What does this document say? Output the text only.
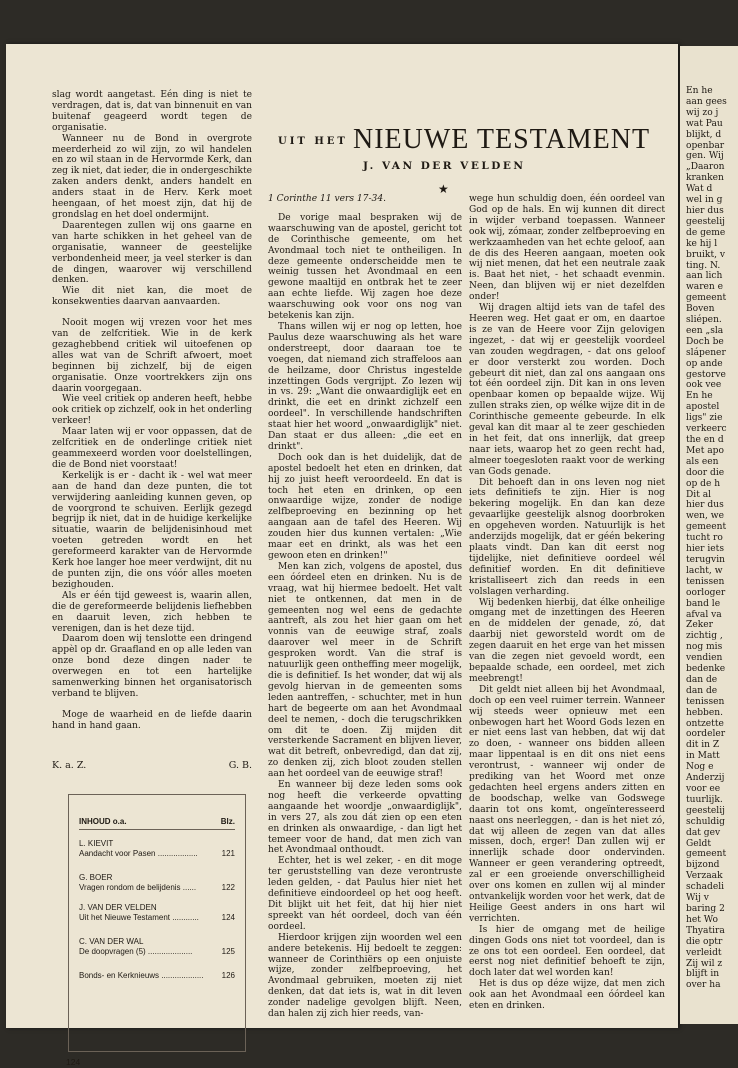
slag wordt aangetast. Eén ding is niet te verdragen, dat is, dat van binnenuit en van buitenaf geageerd wordt tegen de organisatie.

Wanneer nu de Bond in overgrote meerderheid zo wil zijn, zo wil handelen en zo wil staan in de Hervormde Kerk, dan zeg ik niet, dat ieder, die in ondergeschikte zaken anders denkt, anders handelt en anders staat in de Herv. Kerk moet heengaan, of het moest zijn, dat hij de grondslag en het doel ondermijnt.

Daarentegen zullen wij ons gaarne en van harte schikken in het geheel van de organisatie, wanneer de geestelijke verbondenheid meer, ja veel sterker is dan de dingen, waarover wij verschillend denken.

Wie dit niet kan, die moet de konsekwenties daarvan aanvaarden.

Nooit mogen wij vrezen voor het mes van de zelfcritiek. Wie in de kerk gezaghebbend critiek wil uitoefenen op alles wat van de Schrift afwoert, moet beginnen bij zichzelf, bij de eigen organisatie. Onze voortrekkers zijn ons daarin voorgegaan.

Wie veel critiek op anderen heeft, hebbe ook critiek op zichzelf, ook in het onderling verkeer!

Maar laten wij er voor oppassen, dat de zelfcritiek en de onderlinge critiek niet geammexeerd worden voor doelstellingen, die de Bond niet voorstaat!

Kerkelijk is er - dacht ik - wel wat meer aan de hand dan deze punten, die tot verwijdering aanleiding kunnen geven, op de voorgrond te schuiven. Eerlijk gezegd begrijp ik niet, dat in de huidige kerkelijke situatie, waarin de belijdenisinhoud met voeten getreden wordt en het gereformeerd karakter van de Hervormde Kerk hoe langer hoe meer verdwijnt, dit nu de punten zijn, die ons vóór alles moeten bezighouden.

Als er één tijd geweest is, waarin allen, die de gereformeerde belijdenis liefhebben en daaruit leven, zich hebben te verenigen, dan is het deze tijd.

Daarom doen wij tenslotte een dringend appèl op dr. Graafland en op alle leden van onze bond deze dingen nader te overwegen en tot een hartelijke samenwerking binnen het organisatorisch verband te blijven.

Moge de waarheid en de liefde daarin hand in hand gaan.

K. a. Z.	G. B.
INHOUD o.a.	Blz.
L. KIEVIT
Aandacht voor Pasen ..................	121
G. BOER
Vragen rondom de belijdenis ......	122
J. VAN DER VELDEN
Uit het Nieuwe Testament ............	124
C. VAN DER WAL
De doopvragen (5) ....................	125
Bonds- en Kerknieuws ...................	126
124
UIT HET NIEUWE TESTAMENT
J. VAN DER VELDEN
★

1 Corinthe 11 vers 17-34.

De vorige maal bespraken wij de waarschuwing van de apostel, gericht tot de Corinthische gemeente, om het Avondmaal toch niet te ontheiligen. In deze gemeente onderscheidde men te weinig tussen het Avondmaal en een gewone maaltijd en ontbrak het te zeer aan echte liefde. Wij zagen hoe deze waarschuwing ook voor ons nog van betekenis kan zijn.

Thans willen wij er nog op letten, hoe Paulus deze waarschuwing als het ware onderstreept, door daaraan toe te voegen, dat niemand zich straffeloos aan de heilzame, door Christus ingestelde inzettingen Gods vergrijpt. Zo lezen wij in vs. 29: „Want die onwaardiglijk eet en drinkt, die eet en drinkt zichzelf een oordeel". In verschillende handschriften staat hier het woord „onwaardiglijk" niet. Dan staat er dus alleen: „die eet en drinkt".

Doch ook dan is het duidelijk, dat de apostel bedoelt het eten en drinken, dat hij zo juist heeft veroordeeld. En dat is toch het eten en drinken, op een onwaardige wijze, zonder de nodige zelfbeproeving en bezinning op het aangaan aan de tafel des Heeren. Wij zouden hier dus kunnen vertalen: „Wie maar eet en drinkt, als was het een gewoon eten en drinken!"

Men kan zich, volgens de apostel, dus een óórdeel eten en drinken. Nu is de vraag, wat hij hiermee bedoelt. Het valt niet te ontkennen, dat men in de gemeenten nog wel eens de gedachte aantreft, als zou het hier gaan om het vonnis van de eeuwige straf, zoals daarover wel meer in de Schrift gesproken wordt. Van die straf is natuurlijk geen ontheffing meer mogelijk, die is definitief. Is het wonder, dat wij als gevolg hiervan in de gemeenten soms leden aantreffen, - schuchter, met in hun hart de begeerte om aan het Avondmaal deel te nemen, - doch die terugschrikken om dit te doen. Zij mijden dit versterkende Sacrament en blijven liever, wat dit betreft, onbevredigd, dan dat zij, zo denken zij, zich bloot zouden stellen aan het oordeel van de eeuwige straf!

En wanneer bij deze leden soms ook nog heeft die verkeerde opvatting aangaande het woordje „onwaardiglijk", in vers 27, als zou dát zien op een eten en drinken als onwaardige, - dan ligt het temeer voor de hand, dat men zich van het Avondmaal onthoudt.

Echter, het is wel zeker, - en dit moge ter geruststelling van deze verontruste leden gelden, - dat Paulus hier niet het definitieve eindoordeel op het oog heeft. Dit blijkt uit het feit, dat hij hier niet spreekt van hét oordeel, doch van één oordeel.

Hierdoor krijgen zijn woorden wel een andere betekenis. Hij bedoelt te zeggen: wanneer de Corinthiërs op een onjuiste wijze, zonder zelfbeproeving, het Avondmaal gebruiken, moeten zij niet denken, dat dat iets is, wat in dit leven zonder nadelige gevolgen blijft. Neen, dan halen zij zich hier reeds, van-

wege hun schuldig doen, één oordeel van God op de hals. En wij kunnen dit direct in wijder verband toepassen. Wanneer ook wij, zómaar, zonder zelfbeproeving en werkzaamheden van het echte geloof, aan de dis des Heeren aangaan, moeten ook wij niet menen, dat het een neutrale zaak is. Baat het niet, - het schaadt evenmin. Neen, dan blijven wij er niet dezelfden onder!

Wij dragen altijd iets van de tafel des Heeren weg. Het gaat er om, en daartoe is ze van de Heere voor Zijn gelovigen ingezet, - dat wij er geestelijk voordeel van zouden wegdragen, - dat ons geloof er door versterkt zou worden. Doch gebeurt dit niet, dan zal ons aangaan ons tot één oordeel zijn. Dit kan in ons leven openbaar komen op bepaalde wijze. Wij zullen straks zien, op wélke wijze dit in de Corinthische gemeente gebeurde. In elk geval kan dit maar al te zeer geschieden in het feit, dat ons innerlijk, dat greep naar iets, waarop het zo geen recht had, almeer toegesloten raakt voor de werking van Gods genade.

Dit behoeft dan in ons leven nog niet iets definitiefs te zijn. Hier is nog bekering mogelijk. En dan kan deze gevaarlijke geestelijk alsnog doorbroken en opgeheven worden. Natuurlijk is het anderzijds mogelijk, dat er géén bekering plaats vindt. Dan kan dit eerst nog tijdelijke, niet definitieve oordeel wél definitief worden. En dit definitieve kristalliseert zich dan reeds in een volslagen verharding.

Wij bedenken hierbij, dat élke onheilige omgang met de inzettingen des Heeren en de middelen der genade, zó, dat daarbij niet geworsteld wordt om de zegen daaruit en het erge van het missen van die zegen niet gevoeld wordt, een bepaalde schade, een oordeel, met zich meebrengt!

Dit geldt niet alleen bij het Avondmaal, doch op een veel ruimer terrein. Wanneer wij steeds weer opnieuw met een onbewogen hart het Woord Gods lezen en er niet eens last van hebben, dat wij dat zo doen, - wanneer ons bidden alleen maar lippentaal is en dit ons niet eens verontrust, - wanneer wij onder de prediking van het Woord met onze gedachten heel ergens anders zitten en de boodschap, welke van Godswege daarin tot ons komt, ongeïnteresseerd naast ons neerleggen, - dan is het niet zó, dat wij alleen de zegen van dat alles missen, doch, erger! Dan zullen wij er innerlijk schade door ondervinden. Wanneer er geen verandering optreedt, zal er een groeiende onverschilligheid over ons komen en zullen wij al minder ontvankelijk worden voor het werk, dat de Heilige Geest anders in ons hart wil verrichten.

Is hier de omgang met de heilige dingen Gods ons niet tot voordeel, dan is ze ons tot een oordeel. Een oordeel, dat eerst nog niet definitief behoeft te zijn, doch later dat wel worden kan!

Het is dus op déze wijze, dat men zich ook aan het Avondmaal een óórdeel kan eten en drinken.

En he
aan gees
wij zo j
wat Pau
blijkt, d
openbar
gen. Wij
„Daaron
kranken
Wat d
wel in g
hier dus
geestelij
de geme
ke hij l
bruikt, v
ting. N.
aan lich
waren e
gemeent
Boven
sliépen.
een „sla
Doch be
slápener
op ande
gestorve
ook vee
En he
apostel
ligs" zie
verkeerc
the en d
Met apo
als een
door die
op de h
Dit al
hier dus
wen, we
gemeent
tucht ro
hier iets
terugvin
lacht, w
tenissen
oorloger
band le
afval va
Zeker
zichtig ,
nog mis
vendien
bedenke
dan de
dan de
tenissen
hebben.
ontzette
oordeler
dit in Z
in Matt
Nog e
Anderzij
voor ee
tuurlijk.
geestelij
schuldig
dat gev
Geldt
gemeent
bijzond
Verzaak
schadeli
Wij v
baring 2
het Wo
Thyatira
die optr
verleidt
Zij wil z
blijft in
over ha
